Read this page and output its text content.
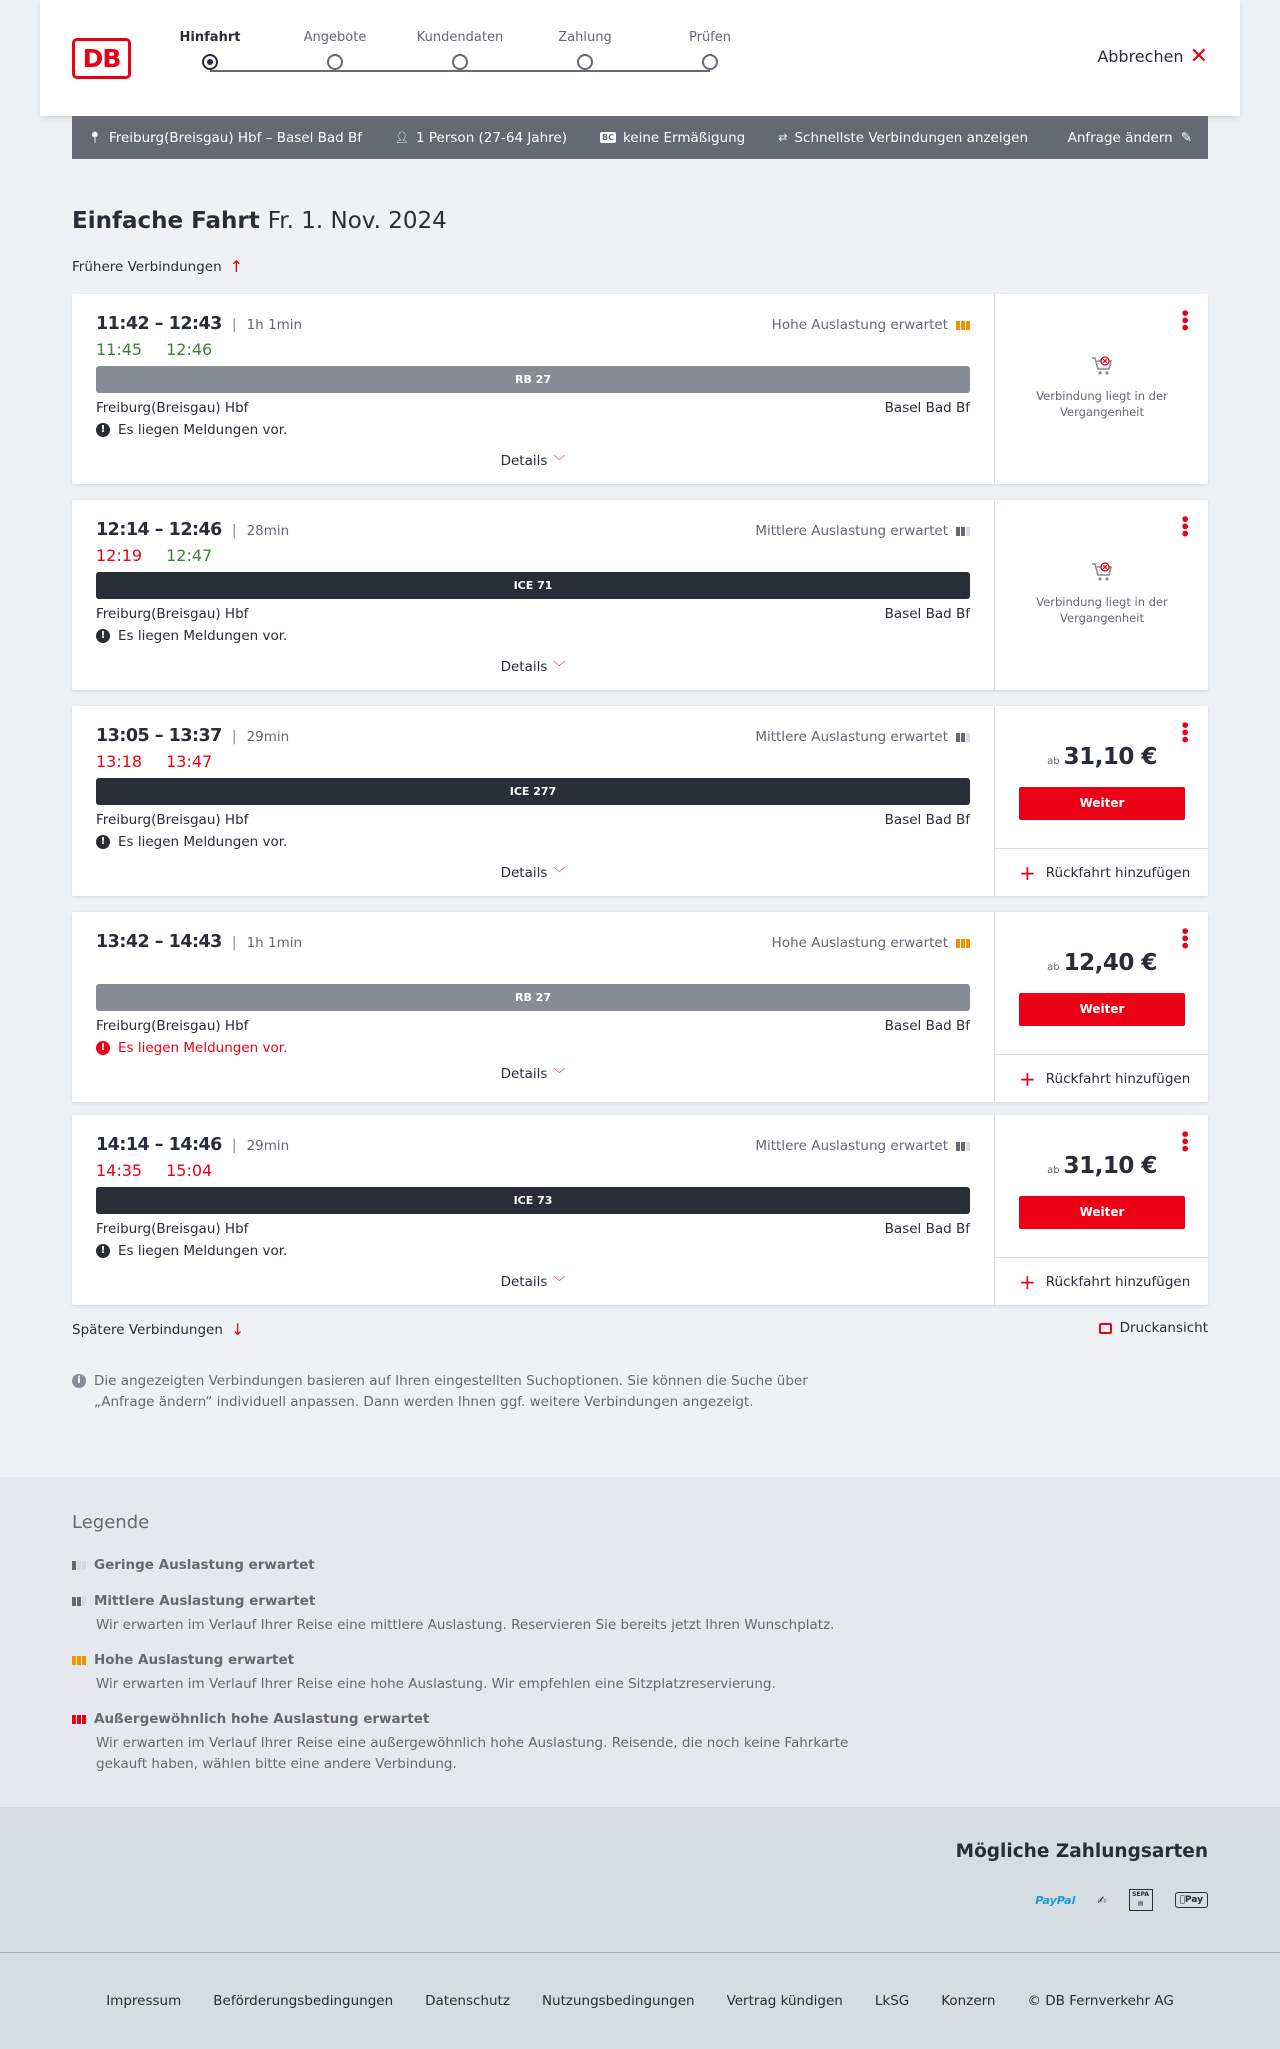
DB
Hinfahrt	Angebote	Kundendaten	Zahlung	Prüfen
Abbrechen ✕
📍︎ Freiburg(Breisgau) Hbf – Basel Bad Bf	👤︎ 1 Person (27-64 Jahre)	BC keine Ermäßigung	⇄ Schnellste Verbindungen anzeigen	Anfrage ändern ✎
Einfache Fahrt Fr. 1. Nov. 2024
Frühere Verbindungen ↑
11:42 – 12:43 | 1h 1min
11:45 12:46
Hohe Auslastung erwartet
RB 27
Freiburg(Breisgau) Hbf	Basel Bad Bf
! Es liegen Meldungen vor.
Details ﹀
•••
Verbindung liegt in der Vergangenheit
12:14 – 12:46 | 28min
12:19 12:47
Mittlere Auslastung erwartet
ICE 71
Freiburg(Breisgau) Hbf	Basel Bad Bf
! Es liegen Meldungen vor.
Details ﹀
•••
Verbindung liegt in der Vergangenheit
13:05 – 13:37 | 29min
13:18 13:47
Mittlere Auslastung erwartet
ICE 277
Freiburg(Breisgau) Hbf	Basel Bad Bf
! Es liegen Meldungen vor.
Details ﹀
•••
ab 31,10 €
Weiter
+ Rückfahrt hinzufügen
13:42 – 14:43 | 1h 1min	Hohe Auslastung erwartet
RB 27
Freiburg(Breisgau) Hbf	Basel Bad Bf
! Es liegen Meldungen vor.
Details ﹀
•••
ab 12,40 €
Weiter
+ Rückfahrt hinzufügen
14:14 – 14:46 | 29min
14:35 15:04
Mittlere Auslastung erwartet
ICE 73
Freiburg(Breisgau) Hbf	Basel Bad Bf
! Es liegen Meldungen vor.
Details ﹀
•••
ab 31,10 €
Weiter
+ Rückfahrt hinzufügen
Spätere Verbindungen ↓	Druckansicht
i Die angezeigten Verbindungen basieren auf Ihren eingestellten Suchoptionen. Sie können die Suche über „Anfrage ändern“ individuell anpassen. Dann werden Ihnen ggf. weitere Verbindungen angezeigt.
Legende
Geringe Auslastung erwartet
Mittlere Auslastung erwartet
Wir erwarten im Verlauf Ihrer Reise eine mittlere Auslastung. Reservieren Sie bereits jetzt Ihren Wunschplatz.
Hohe Auslastung erwartet
Wir erwarten im Verlauf Ihrer Reise eine hohe Auslastung. Wir empfehlen eine Sitzplatzreservierung.
Außergewöhnlich hohe Auslastung erwartet
Wir erwarten im Verlauf Ihrer Reise eine außergewöhnlich hohe Auslastung. Reisende, die noch keine Fahrkarte gekauft haben, wählen bitte eine andere Verbindung.
Mögliche Zahlungsarten
PayPal	✍︎	SEPA
▤	Pay
Impressum Beförderungsbedingungen Datenschutz Nutzungsbedingungen Vertrag kündigen LkSG Konzern © DB Fernverkehr AG
